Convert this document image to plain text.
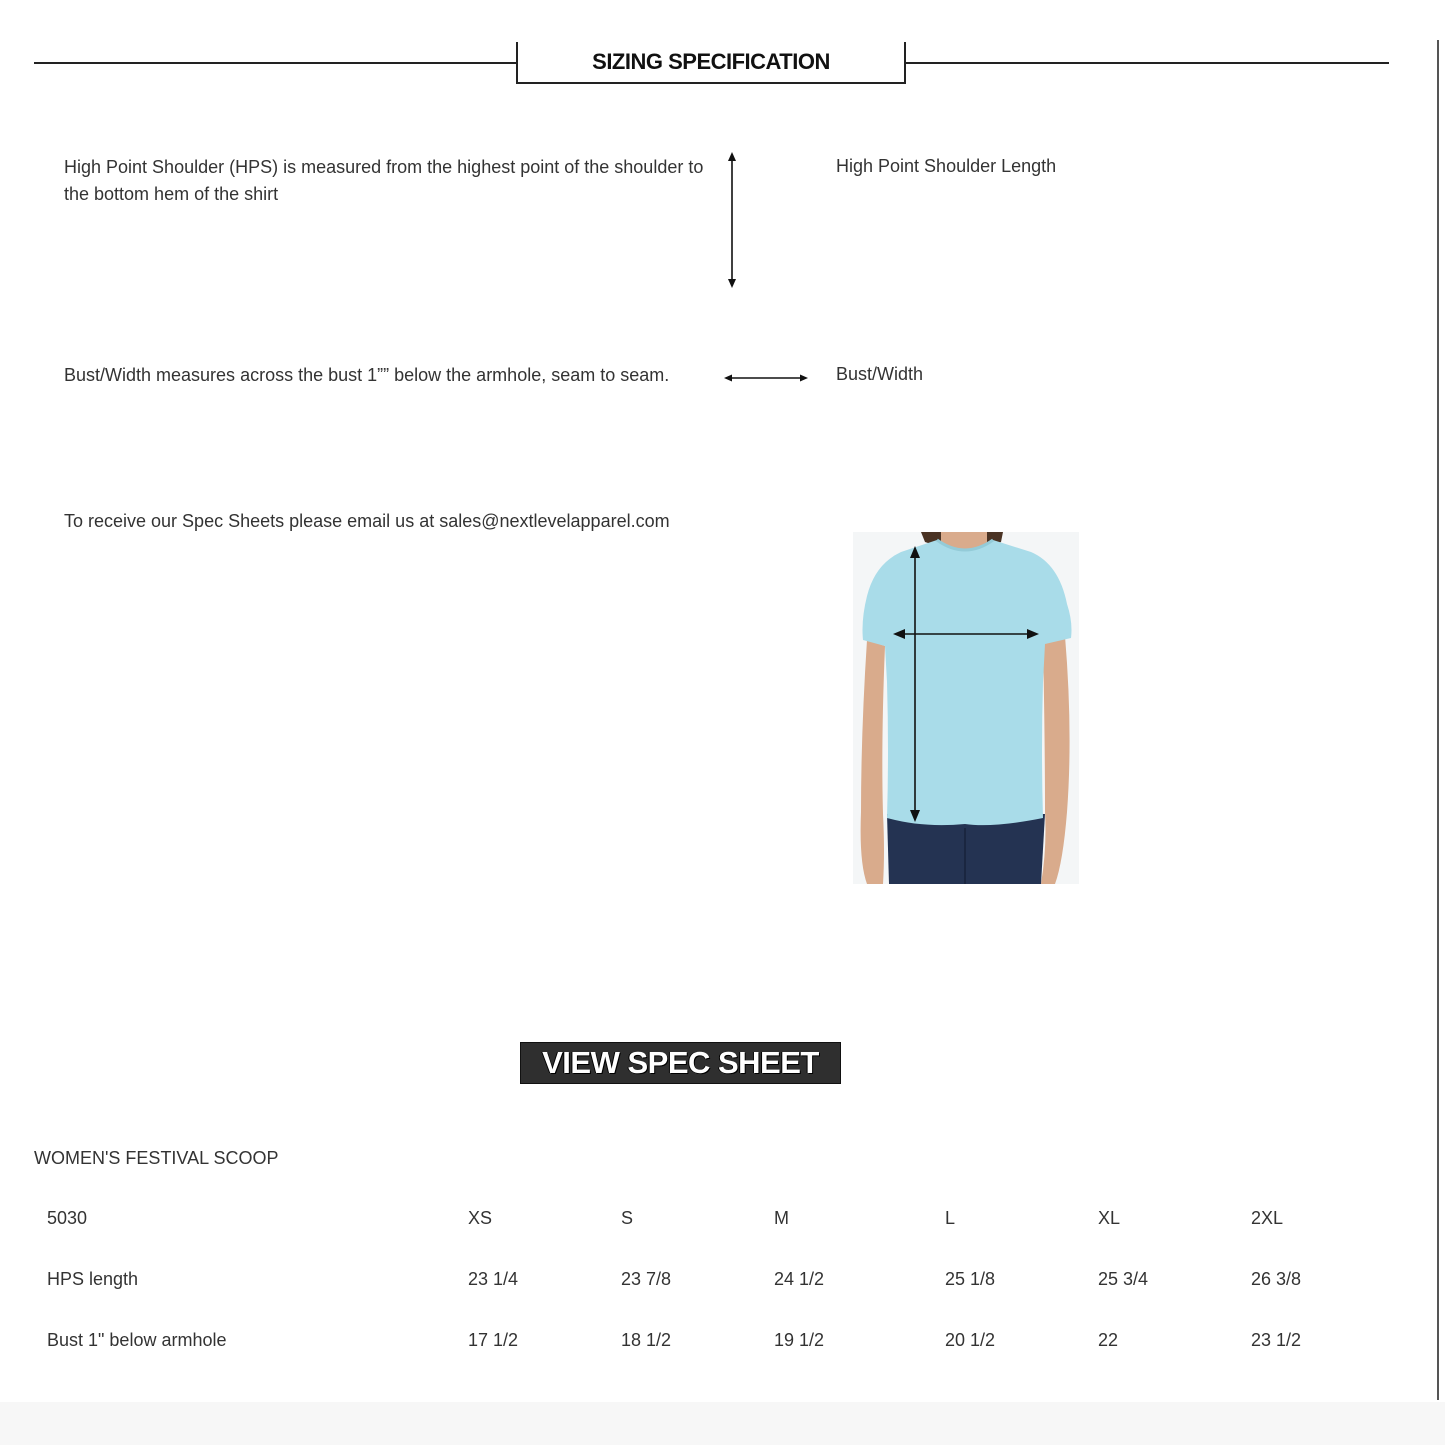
SIZING SPECIFICATION
High Point Shoulder (HPS) is measured from the highest point of the shoulder to the bottom hem of the shirt
High Point Shoulder Length
Bust/Width measures across the bust 1”” below the armhole, seam to seam.	Bust/Width
To receive our Spec Sheets please email us at sales@nextlevelapparel.com
VIEW SPEC SHEET
WOMEN'S FESTIVAL SCOOP
5030	XS	S	M	L	XL	2XL
HPS length	23 1/4	23 7/8	24 1/2	25 1/8	25 3/4	26 3/8
Bust 1" below armhole	17 1/2	18 1/2	19 1/2	20 1/2	22	23 1/2
